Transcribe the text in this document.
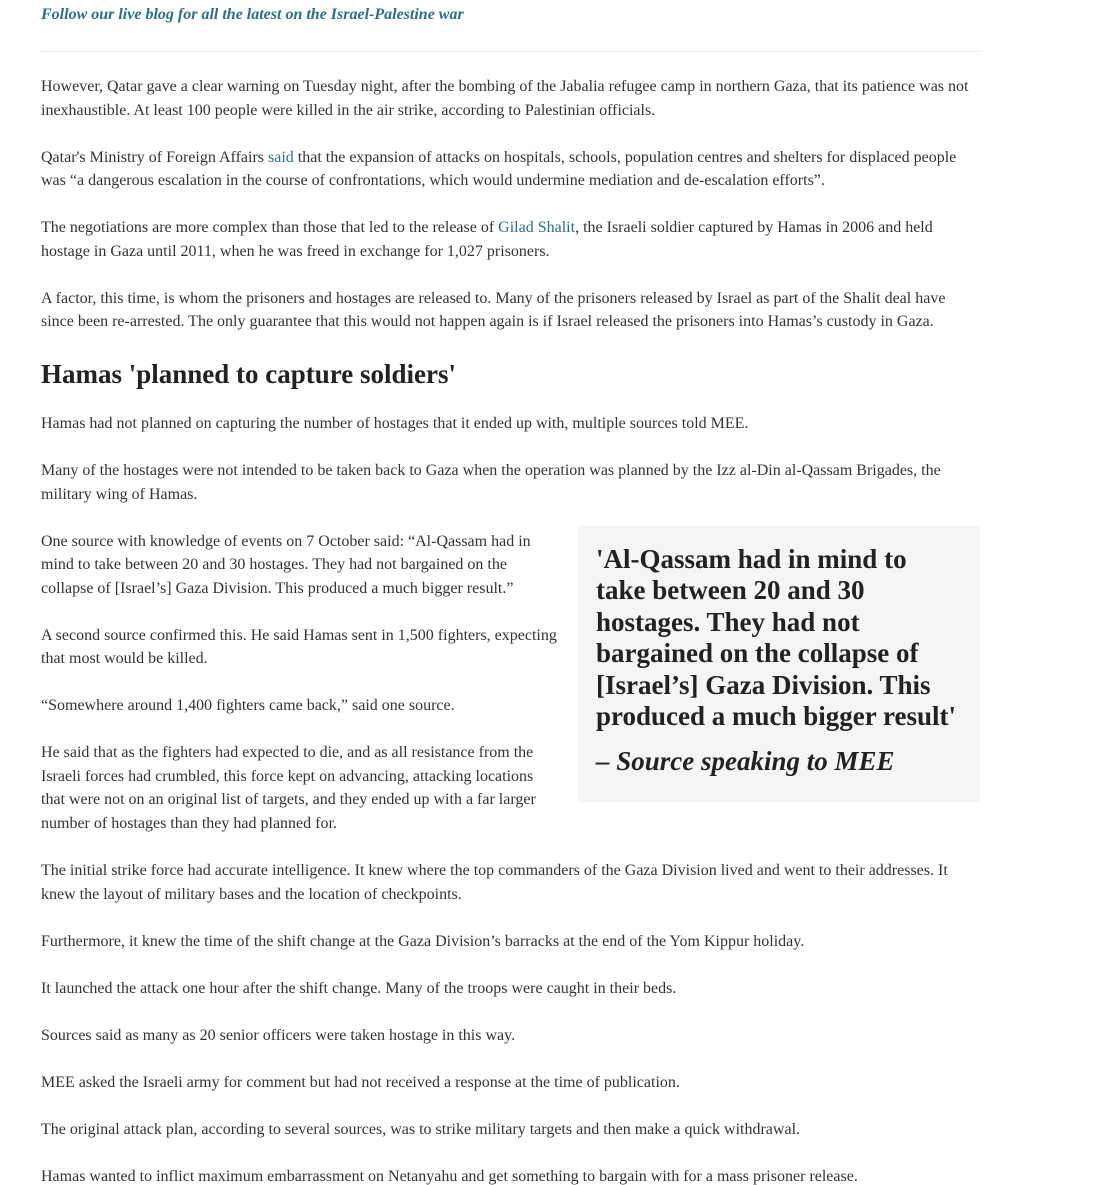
Follow our live blog for all the latest on the Israel-Palestine war

However, Qatar gave a clear warning on Tuesday night, after the bombing of the Jabalia refugee camp in northern Gaza, that its patience was not inexhaustible. At least 100 people were killed in the air strike, according to Palestinian officials.

Qatar's Ministry of Foreign Affairs said that the expansion of attacks on hospitals, schools, population centres and shelters for displaced people was “a dangerous escalation in the course of confrontations, which would undermine mediation and de-escalation efforts”.

The negotiations are more complex than those that led to the release of Gilad Shalit, the Israeli soldier captured by Hamas in 2006 and held hostage in Gaza until 2011, when he was freed in exchange for 1,027 prisoners.

A factor, this time, is whom the prisoners and hostages are released to. Many of the prisoners released by Israel as part of the Shalit deal have since been re-arrested. The only guarantee that this would not happen again is if Israel released the prisoners into Hamas’s custody in Gaza.

Hamas 'planned to capture soldiers'

Hamas had not planned on capturing the number of hostages that it ended up with, multiple sources told MEE.

Many of the hostages were not intended to be taken back to Gaza when the operation was planned by the Izz al-Din al-Qassam Brigades, the military wing of Hamas.

One source with knowledge of events on 7 October said: “Al-Qassam had in mind to take between 20 and 30 hostages. They had not bargained on the collapse of [Israel’s] Gaza Division. This produced a much bigger result.”

A second source confirmed this. He said Hamas sent in 1,500 fighters, expecting that most would be killed.

“Somewhere around 1,400 fighters came back,” said one source.

He said that as the fighters had expected to die, and as all resistance from the Israeli forces had crumbled, this force kept on advancing, attacking locations that were not on an original list of targets, and they ended up with a far larger number of hostages than they had planned for.

'Al-Qassam had in mind to take between 20 and 30 hostages. They had not bargained on the collapse of [Israel’s] Gaza Division. This produced a much bigger result'
– Source speaking to MEE

The initial strike force had accurate intelligence. It knew where the top commanders of the Gaza Division lived and went to their addresses. It knew the layout of military bases and the location of checkpoints.

Furthermore, it knew the time of the shift change at the Gaza Division’s barracks at the end of the Yom Kippur holiday.

It launched the attack one hour after the shift change. Many of the troops were caught in their beds.

Sources said as many as 20 senior officers were taken hostage in this way.

MEE asked the Israeli army for comment but had not received a response at the time of publication.

The original attack plan, according to several sources, was to strike military targets and then make a quick withdrawal.

Hamas wanted to inflict maximum embarrassment on Netanyahu and get something to bargain with for a mass prisoner release.
